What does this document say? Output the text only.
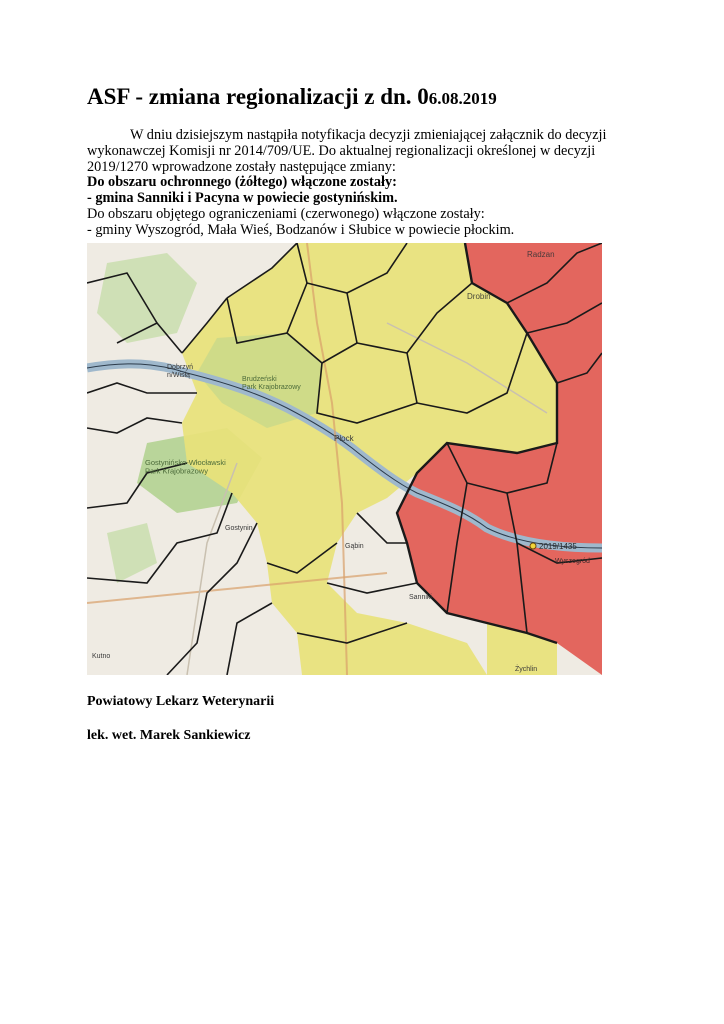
ASF - zmiana regionalizacji z dn. 06.08.2019

W dniu dzisiejszym nastąpiła notyfikacja decyzji zmieniającej załącznik do decyzji wykonawczej Komisji nr 2014/709/UE. Do aktualnej regionalizacji określonej w decyzji 2019/1270 wprowadzone zostały następujące zmiany:

Do obszaru ochronnego (żółtego) włączone zostały:

- gmina Sanniki i Pacyna w powiecie gostynińskim.

Do obszaru objętego ograniczeniami (czerwonego) włączone zostały:

- gminy Wyszogród, Mała Wieś, Bodzanów i Słubice w powiecie płockim.

Radzan
Drobin
Dobrzyń n/Wisłą
Brudzeński Park Krajobrazowy
Płock
Gostynińsko-Włocławski Park Krajobrazowy
Gostynin
Sanniki
Gąbin
Kutno
Wyszogród
2019/1435
Żychlin
Powiatowy Lekarz Weterynarii
lek. wet. Marek Sankiewicz
